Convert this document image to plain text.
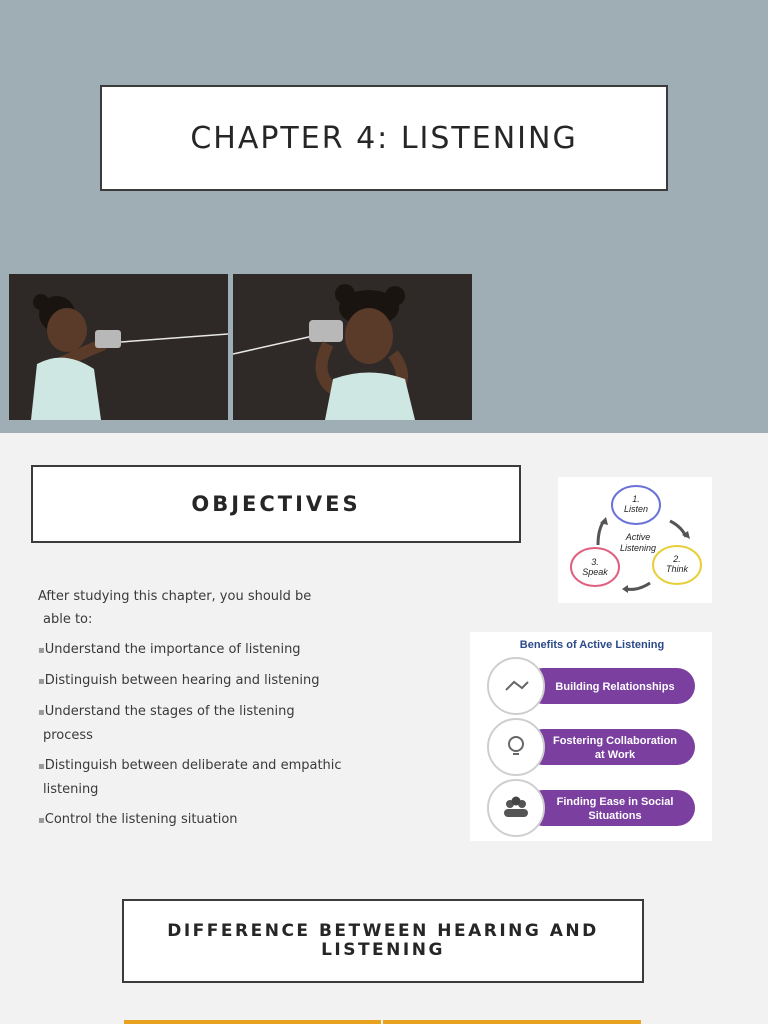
CHAPTER 4: LISTENING
OBJECTIVES
After studying this chapter, you should be
able to:
▪Understand the importance of listening
▪Distinguish between hearing and listening
▪Understand the stages of the listening
process
▪Distinguish between deliberate and empathic
listening
▪Control the listening situation
1.
Listen
2.
Think
3.
Speak
Active
Listening
Benefits of Active Listening
Building Relationships
Fostering Collaboration
at Work
Finding Ease in Social
Situations
DIFFERENCE BETWEEN HEARING AND
LISTENING
